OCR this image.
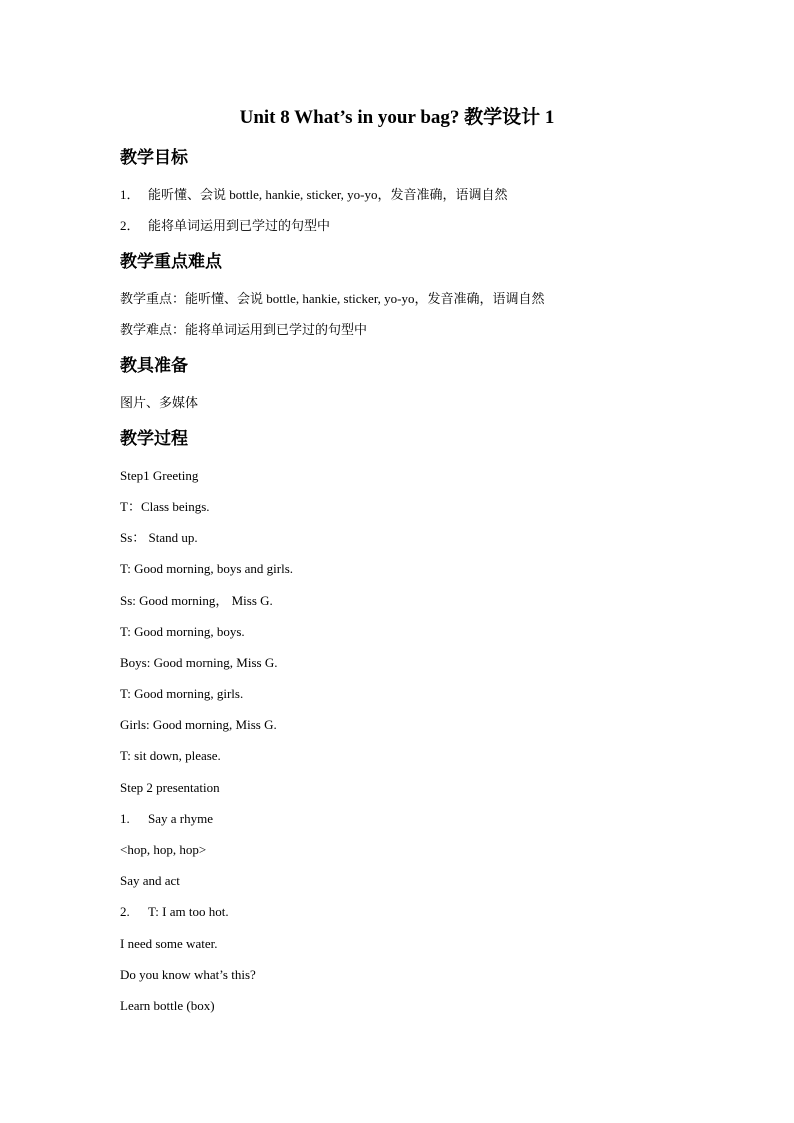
Unit 8 What’s in your bag? 教学设计 1
教学目标
1． 能听懂、会说 bottle, hankie, sticker, yo-yo，发音准确，语调自然
2． 能将单词运用到已学过的句型中
教学重点难点
教学重点：能听懂、会说 bottle, hankie, sticker, yo-yo，发音准确，语调自然
教学难点：能将单词运用到已学过的句型中
教具准备
图片、多媒体
教学过程
Step1 Greeting
T：Class beings.
Ss： Stand up.
T: Good morning, boys and girls.
Ss: Good morning， Miss G.
T: Good morning, boys.
Boys: Good morning, Miss G.
T: Good morning, girls.
Girls: Good morning, Miss G.
T: sit down, please.
Step 2 presentation
1. Say a rhyme
<hop, hop, hop>
Say and act
2. T: I am too hot.
I need some water.
Do you know what’s this?
Learn bottle (box)
